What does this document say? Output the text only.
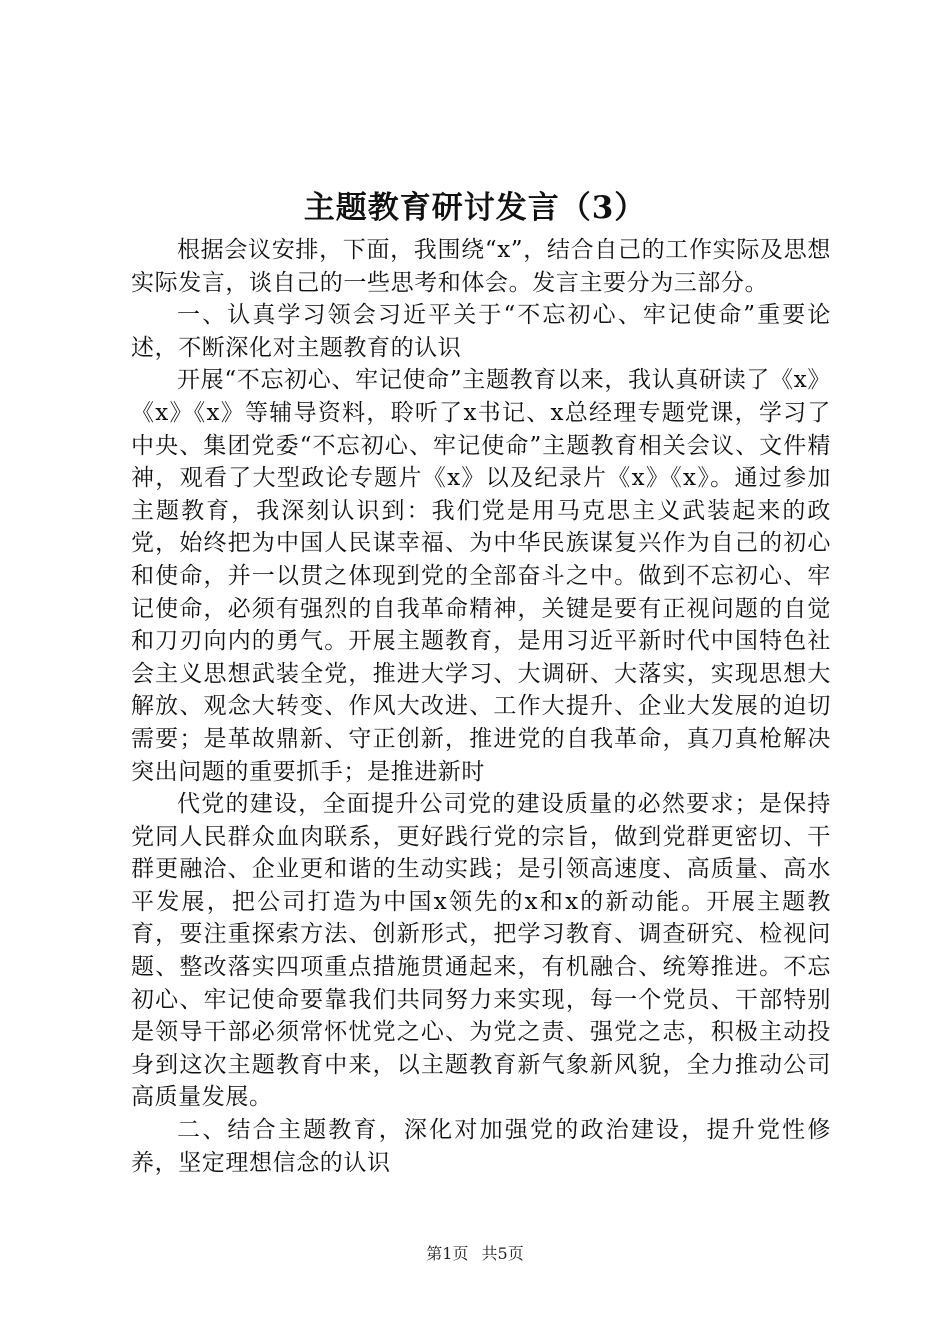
主题教育研讨发言（3）

根据会议安排，下面，我围绕“x”，结合自己的工作实际及思想实际发言，谈自己的一些思考和体会。发言主要分为三部分。

一、认真学习领会习近平关于“不忘初心、牢记使命”重要论述，不断深化对主题教育的认识

开展“不忘初心、牢记使命”主题教育以来，我认真研读了《x》《x》《x》等辅导资料，聆听了x书记、x总经理专题党课，学习了中央、集团党委“不忘初心、牢记使命”主题教育相关会议、文件精神，观看了大型政论专题片《x》以及纪录片《x》《x》。通过参加主题教育，我深刻认识到：我们党是用马克思主义武装起来的政党，始终把为中国人民谋幸福、为中华民族谋复兴作为自己的初心和使命，并一以贯之体现到党的全部奋斗之中。做到不忘初心、牢记使命，必须有强烈的自我革命精神，关键是要有正视问题的自觉和刀刃向内的勇气。开展主题教育，是用习近平新时代中国特色社会主义思想武装全党，推进大学习、大调研、大落实，实现思想大解放、观念大转变、作风大改进、工作大提升、企业大发展的迫切需要；是革故鼎新、守正创新，推进党的自我革命，真刀真枪解决突出问题的重要抓手；是推进新时

代党的建设，全面提升公司党的建设质量的必然要求；是保持党同人民群众血肉联系，更好践行党的宗旨，做到党群更密切、干群更融洽、企业更和谐的生动实践；是引领高速度、高质量、高水平发展，把公司打造为中国x领先的x和x的新动能。开展主题教育，要注重探索方法、创新形式，把学习教育、调查研究、检视问题、整改落实四项重点措施贯通起来，有机融合、统筹推进。不忘初心、牢记使命要靠我们共同努力来实现，每一个党员、干部特别是领导干部必须常怀忧党之心、为党之责、强党之志，积极主动投身到这次主题教育中来，以主题教育新气象新风貌，全力推动公司高质量发展。

二、结合主题教育，深化对加强党的政治建设，提升党性修养，坚定理想信念的认识

第1页 共5页
